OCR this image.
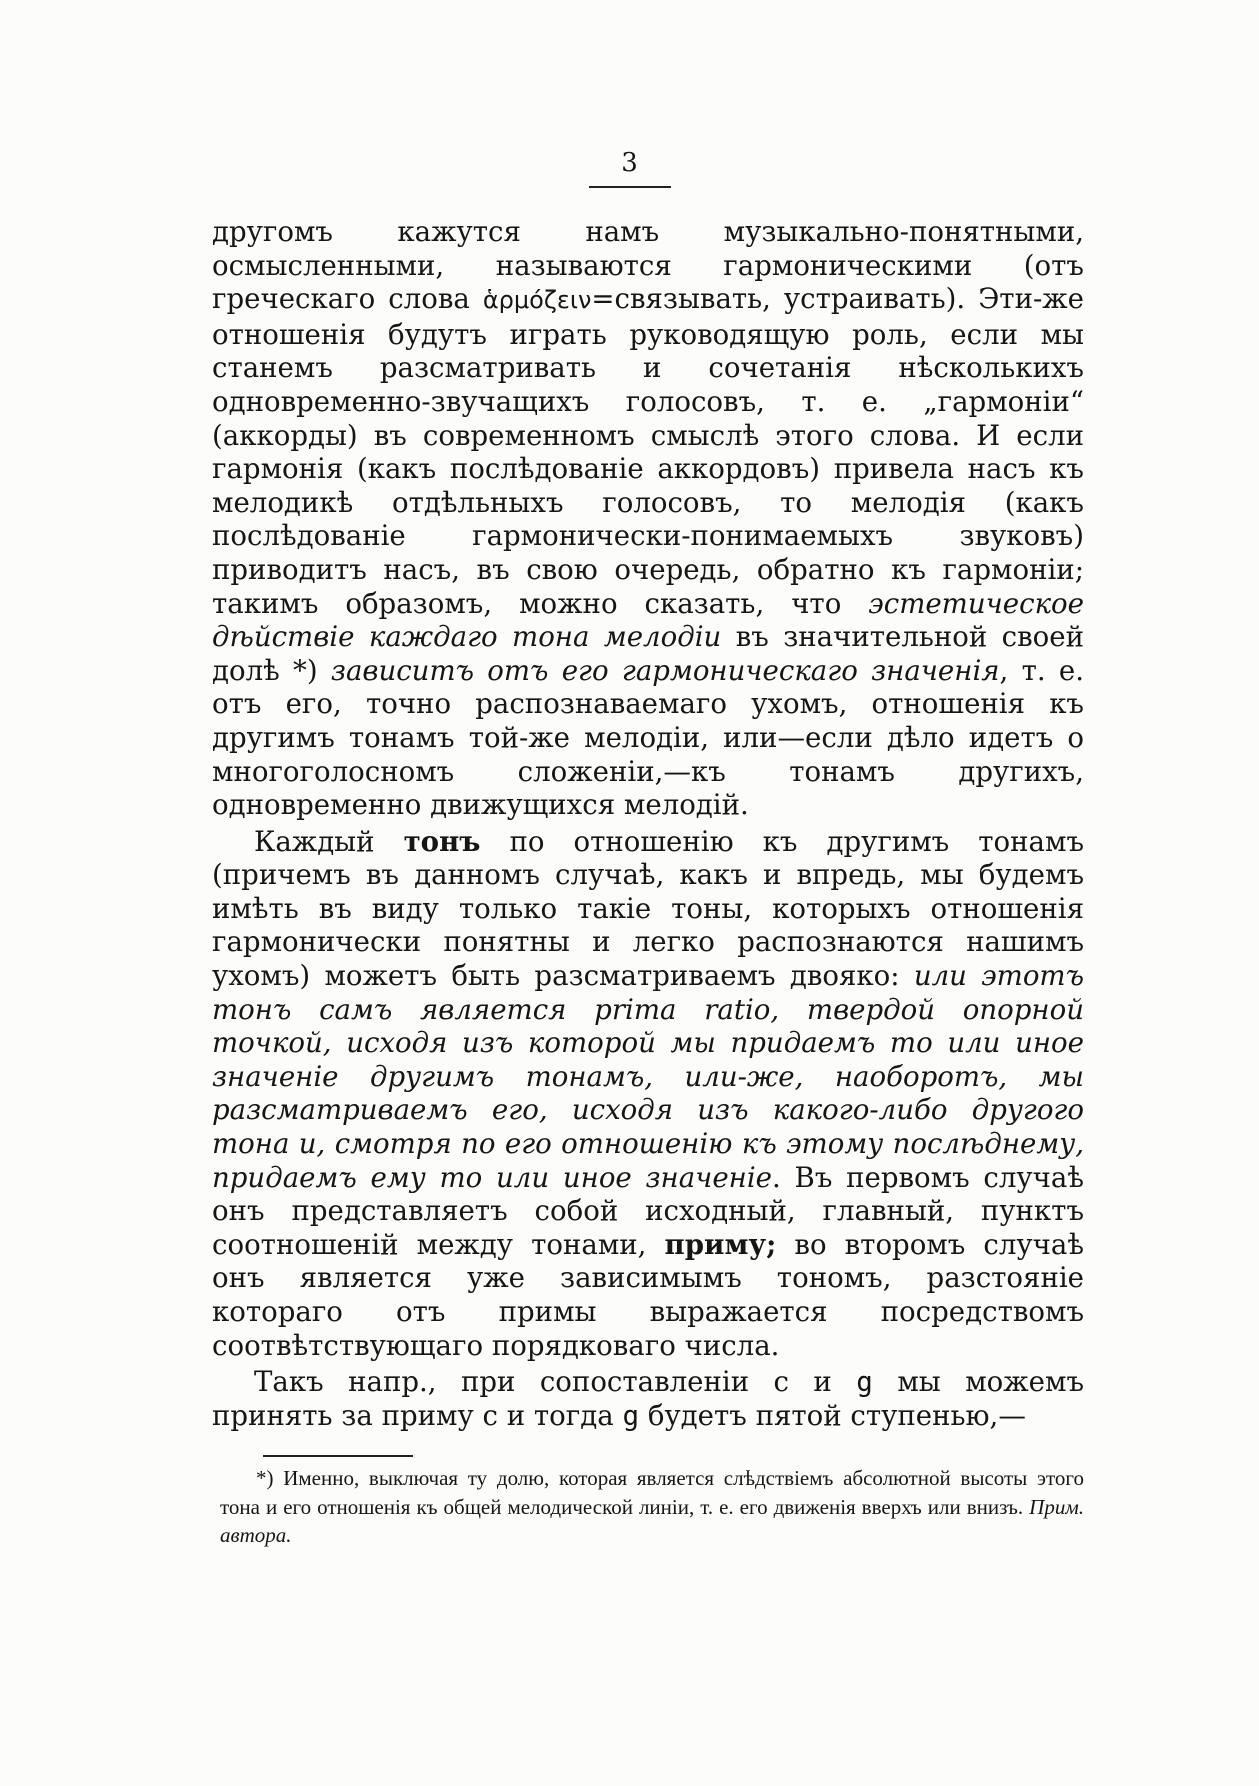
3

другомъ кажутся намъ музыкально-понятными, осмысленными, называются гармоническими (отъ греческаго слова ἁρμόζειν=связывать, устраивать). Эти-же отношенія будутъ играть руководящую роль, если мы станемъ разсматривать и сочетанія нѣсколькихъ одновременно-звучащихъ голосовъ, т. е. „гармоніи“ (аккорды) въ современномъ смыслѣ этого слова. И если гармонія (какъ послѣдованіе аккордовъ) привела насъ къ мелодикѣ отдѣльныхъ голосовъ, то мелодія (какъ послѣдованіе гармонически-понимаемыхъ звуковъ) приводитъ насъ, въ свою очередь, обратно къ гармоніи; такимъ образомъ, можно сказать, что эстетическое дѣйствіе каждаго тона мелодіи въ значительной своей долѣ *) зависитъ отъ его гармоническаго значенія, т. е. отъ его, точно распознаваемаго ухомъ, отношенія къ другимъ тонамъ той-же мелодіи, или—если дѣло идетъ о многоголосномъ сложеніи,—къ тонамъ другихъ, одновременно движущихся мелодій.

Каждый тонъ по отношенію къ другимъ тонамъ (причемъ въ данномъ случаѣ, какъ и впредь, мы будемъ имѣть въ виду только такіе тоны, которыхъ отношенія гармонически понятны и легко распознаются нашимъ ухомъ) можетъ быть разсматриваемъ двояко: или этотъ тонъ самъ является prima ratio, твердой опорной точкой, исходя изъ которой мы придаемъ то или иное значеніе другимъ тонамъ, или-же, наоборотъ, мы разсматриваемъ его, исходя изъ какого-либо другого тона и, смотря по его отношенію къ этому послѣднему, придаемъ ему то или иное значеніе. Въ первомъ случаѣ онъ представляетъ собой исходный, главный, пунктъ соотношеній между тонами, приму; во второмъ случаѣ онъ является уже зависимымъ тономъ, разстояніе котораго отъ примы выражается посредствомъ соотвѣтствующаго порядковаго числа.

Такъ напр., при сопоставленіи c и g мы можемъ принять за приму c и тогда g будетъ пятой ступенью,—

*) Именно, выключая ту долю, которая является слѣдствіемъ абсолютной высоты этого тона и его отношенія къ общей мелодической линіи, т. е. его движенія вверхъ или внизъ. Прим. автора.
